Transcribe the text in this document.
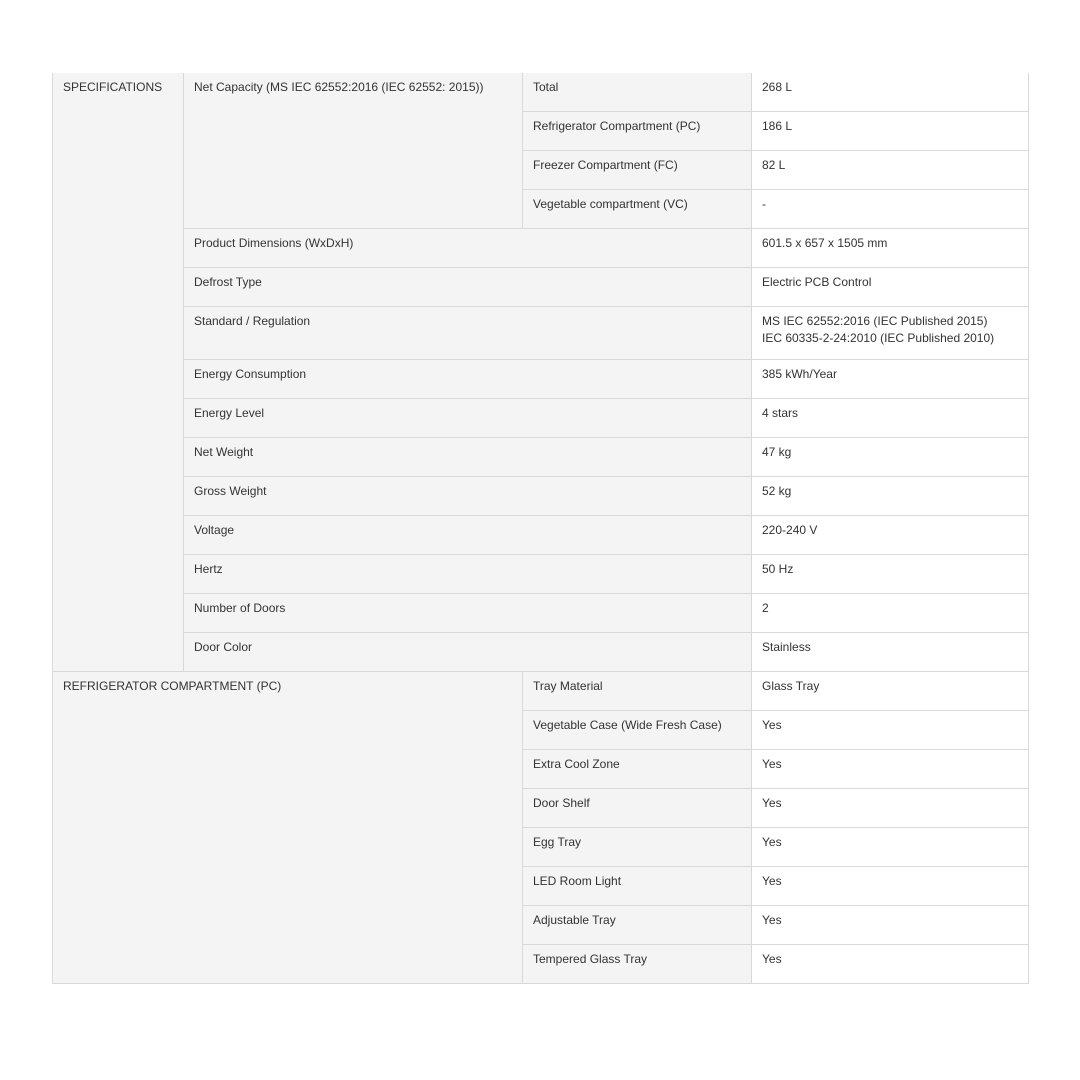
SPECIFICATIONS	Net Capacity (MS IEC 62552:2016 (IEC 62552: 2015))	Total	268 L
		Refrigerator Compartment (PC)	186 L
		Freezer Compartment (FC)	82 L
		Vegetable compartment (VC)	-
	Product Dimensions (WxDxH)		601.5 x 657 x 1505 mm
	Defrost Type		Electric PCB Control
	Standard / Regulation		MS IEC 62552:2016 (IEC Published 2015)
IEC 60335-2-24:2010 (IEC Published 2010)

	Energy Consumption		385 kWh/Year
	Energy Level		4 stars
	Net Weight		47 kg
	Gross Weight		52 kg
	Voltage		220-240 V
	Hertz		50 Hz
	Number of Doors		2
	Door Color		Stainless
REFRIGERATOR COMPARTMENT (PC)		Tray Material	Glass Tray
		Vegetable Case (Wide Fresh Case)	Yes
		Extra Cool Zone	Yes
		Door Shelf	Yes
		Egg Tray	Yes
		LED Room Light	Yes
		Adjustable Tray	Yes
		Tempered Glass Tray	Yes
